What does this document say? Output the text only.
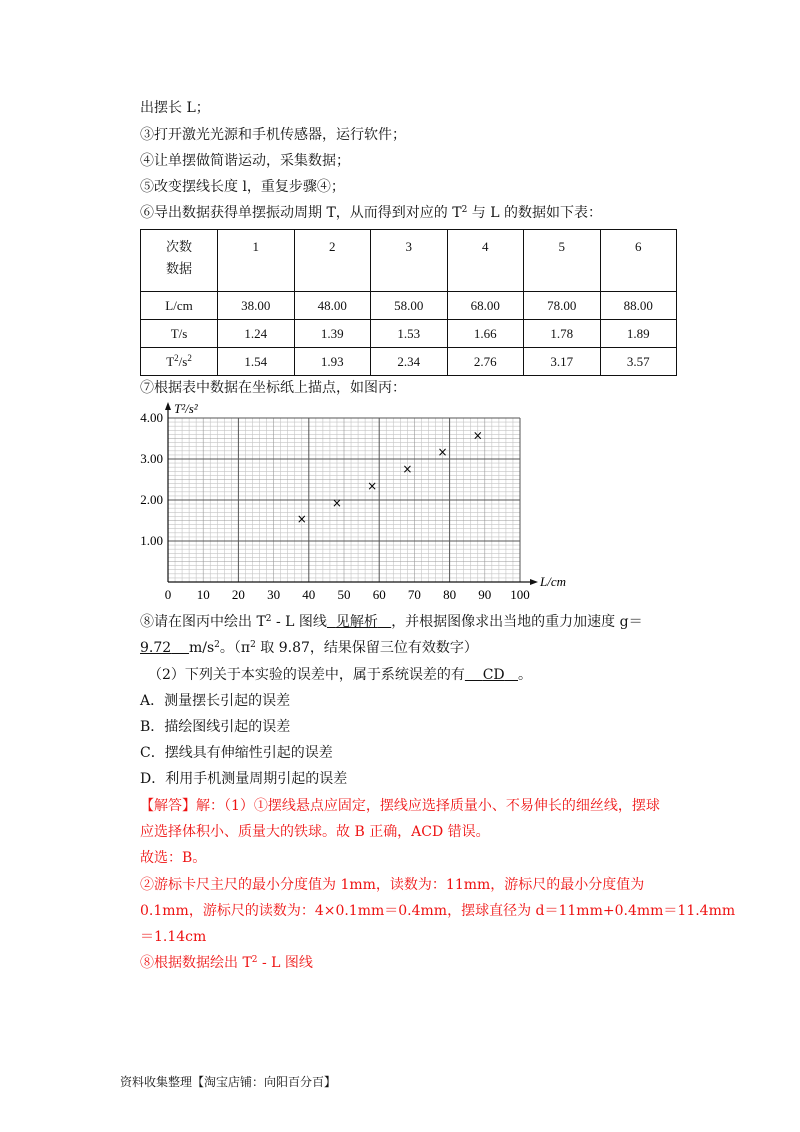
出摆长 L；
③打开激光光源和手机传感器，运行软件；
④让单摆做简谐运动，采集数据；
⑤改变摆线长度 l，重复步骤④；
⑥导出数据获得单摆振动周期 T，从而得到对应的 $T^2$ 与 L 的数据如下表：
次数
数据	1	2	3	4	5	6
L/cm	38.00	48.00	58.00	68.00	78.00	88.00
T/s	1.24	1.39	1.53	1.66	1.78	1.89
$T^2/s^2$	1.54	1.93	2.34	2.76	3.17	3.57
⑦根据表中数据在坐标纸上描点，如图丙：
0 10 20 30 40 50 60 70 80 90 100
1.00
2.00
3.00
4.00
×
×
×
×
×
×
T²/s²
L/cm
⑧请在图丙中绘出 $T^2$ - L 图线 见解析 ，并根据图像求出当地的重力加速度 g＝
9.72 $m/s^2$。（$\pi^2$ 取 9.87，结果保留三位有效数字）
（2）下列关于本实验的误差中，属于系统误差的有 CD 。
A．测量摆长引起的误差
B．描绘图线引起的误差
C．摆线具有伸缩性引起的误差
D．利用手机测量周期引起的误差
【解答】解：（1）①摆线悬点应固定，摆线应选择质量小、不易伸长的细丝线，摆球
应选择体积小、质量大的铁球。故 B 正确，ACD 错误。
故选：B。
②游标卡尺主尺的最小分度值为 1mm，读数为：11mm，游标尺的最小分度值为
0.1mm，游标尺的读数为：4×0.1mm＝0.4mm，摆球直径为 d＝11mm+0.4mm＝11.4mm
＝1.14cm
⑧根据数据绘出 $T^2$ - L 图线
资料收集整理【淘宝店铺：向阳百分百】
